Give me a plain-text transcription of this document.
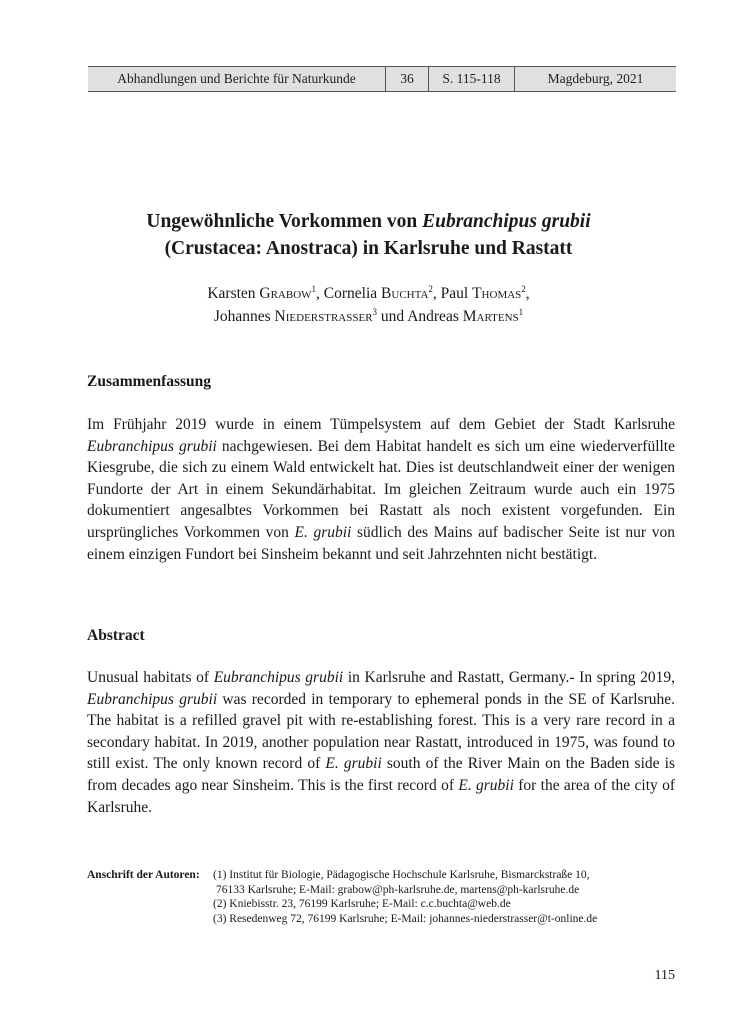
Abhandlungen und Berichte für Naturkunde	36	S. 115-118	Magdeburg, 2021
Ungewöhnliche Vorkommen von Eubranchipus grubii
(Crustacea: Anostraca) in Karlsruhe und Rastatt
Karsten Grabow$^1$, Cornelia Buchta$^2$, Paul Thomas$^2$,
Johannes Niederstrasser$^3$ und Andreas Martens$^1$
Zusammenfassung

Im Frühjahr 2019 wurde in einem Tümpelsystem auf dem Gebiet der Stadt Karlsruhe Eubranchipus grubii nachgewiesen. Bei dem Habitat handelt es sich um eine wiederverfüllte Kiesgrube, die sich zu einem Wald entwickelt hat. Dies ist deutschlandweit einer der wenigen Fundorte der Art in einem Sekundärhabitat. Im gleichen Zeitraum wurde auch ein 1975 dokumentiert angesalbtes Vorkommen bei Rastatt als noch existent vorgefunden. Ein ursprüngliches Vorkommen von E. grubii südlich des Mains auf badischer Seite ist nur von einem einzigen Fundort bei Sinsheim bekannt und seit Jahrzehnten nicht bestätigt.

Abstract

Unusual habitats of Eubranchipus grubii in Karlsruhe and Rastatt, Germany.- In spring 2019, Eubranchipus grubii was recorded in temporary to ephemeral ponds in the SE of Karlsruhe. The habitat is a refilled gravel pit with re-establishing forest. This is a very rare record in a secondary habitat. In 2019, another population near Rastatt, introduced in 1975, was found to still exist. The only known record of E. grubii south of the River Main on the Baden side is from decades ago near Sinsheim. This is the first record of E. grubii for the area of the city of Karlsruhe.

Anschrift der Autoren:	(1) Institut für Biologie, Pädagogische Hochschule Karlsruhe, Bismarckstraße 10,
76133 Karlsruhe; E-Mail: grabow@ph-karlsruhe.de, martens@ph-karlsruhe.de
(2) Kniebisstr. 23, 76199 Karlsruhe; E-Mail: c.c.buchta@web.de
(3) Resedenweg 72, 76199 Karlsruhe; E-Mail: johannes-niederstrasser@t-online.de
115
